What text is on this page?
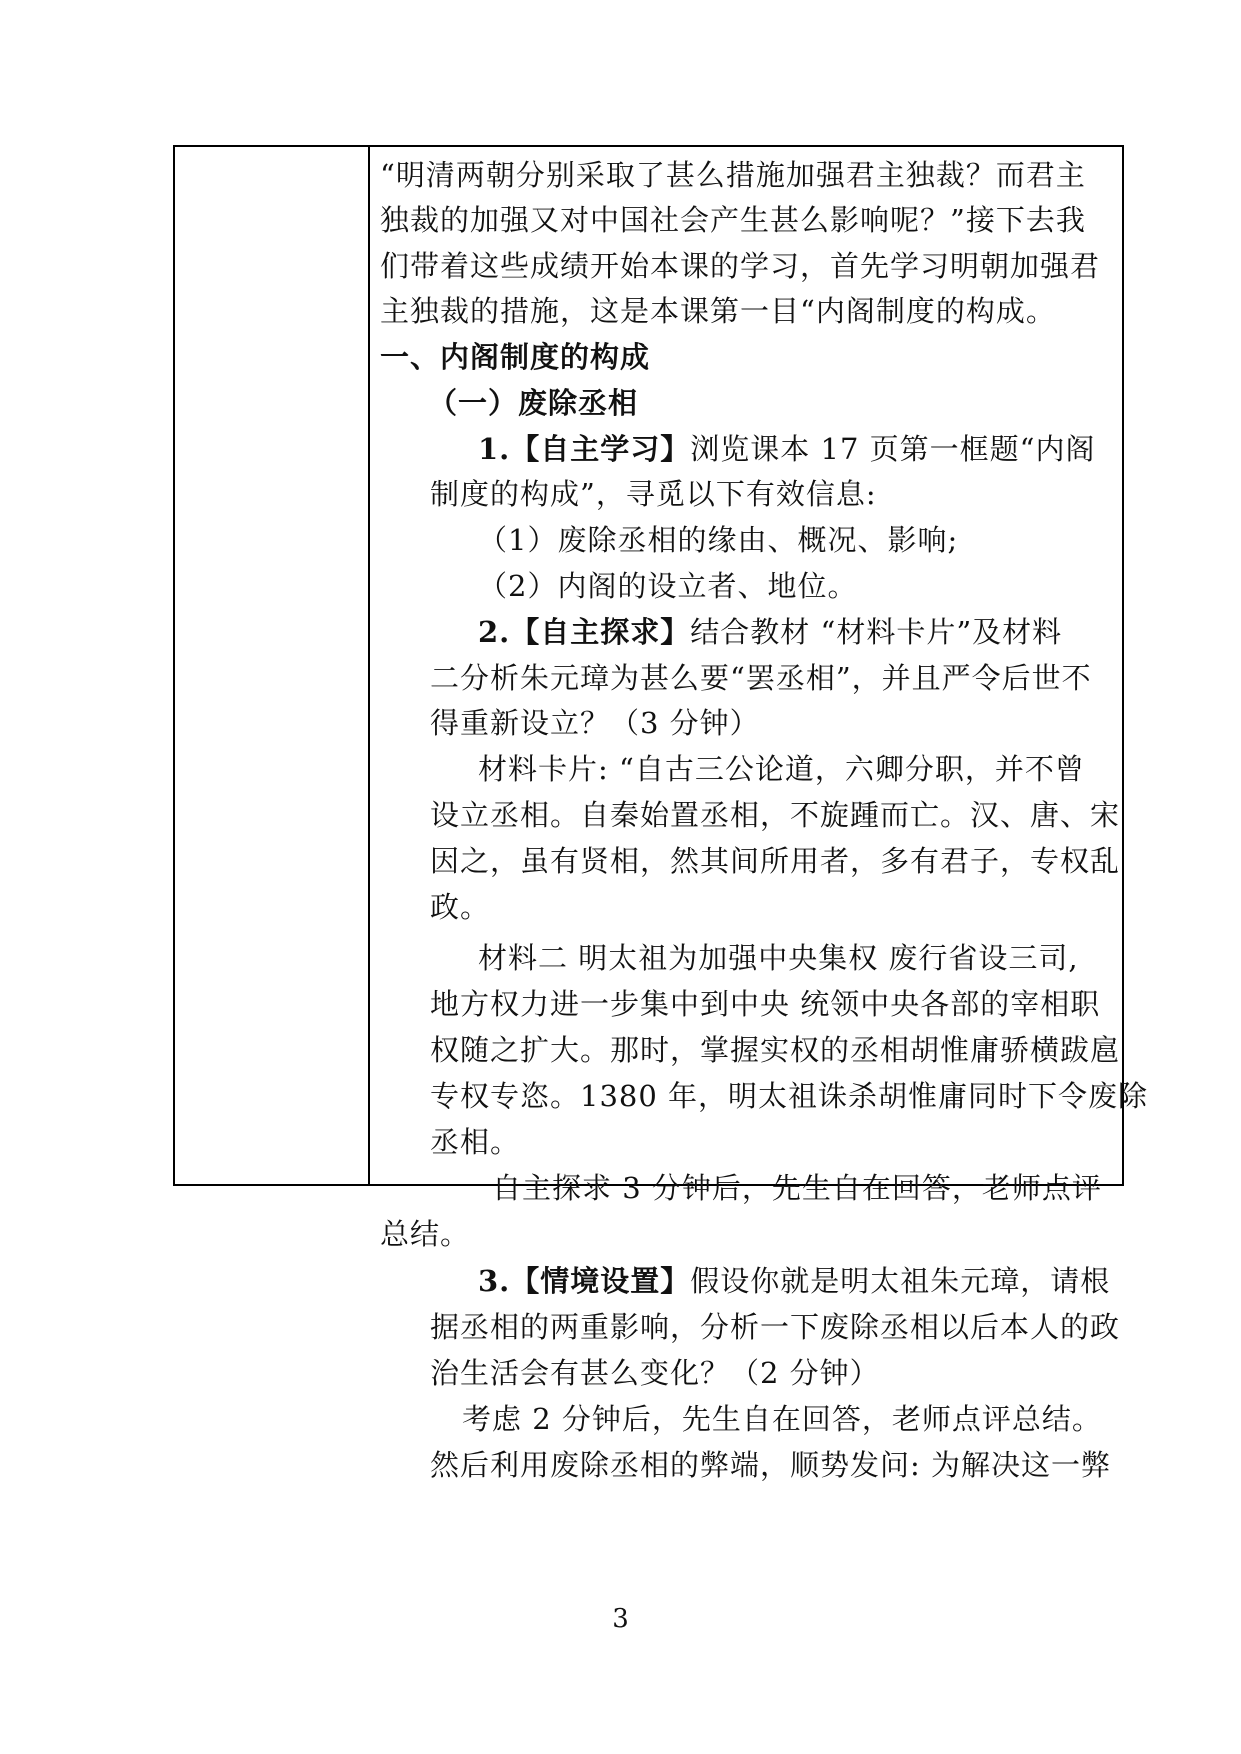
“明清两朝分别采取了甚么措施加强君主独裁？而君主
独裁的加强又对中国社会产生甚么影响呢？”接下去我
们带着这些成绩开始本课的学习，首先学习明朝加强君
主独裁的措施，这是本课第一目“内阁制度的构成。
一、内阁制度的构成
（一）废除丞相
1.【自主学习】浏览课本 17 页第一框题“内阁
制度的构成”，寻觅以下有效信息:
（1）废除丞相的缘由、概况、影响;
（2）内阁的设立者、地位。
2.【自主探求】结合教材 “材料卡片”及材料
二分析朱元璋为甚么要“罢丞相”，并且严令后世不
得重新设立？（3 分钟）
材料卡片: “自古三公论道，六卿分职，并不曾
设立丞相。自秦始置丞相，不旋踵而亡。汉、唐、宋
因之，虽有贤相，然其间所用者，多有君子，专权乱
政。
材料二 明太祖为加强中央集权 废行省设三司,
地方权力进一步集中到中央 统领中央各部的宰相职
权随之扩大。那时，掌握实权的丞相胡惟庸骄横跋扈
专权专恣。1380 年，明太祖诛杀胡惟庸同时下令废除
丞相。
自主探求 3 分钟后，先生自在回答，老师点评
总结。
3.【情境设置】假设你就是明太祖朱元璋，请根
据丞相的两重影响，分析一下废除丞相以后本人的政
治生活会有甚么变化？（2 分钟）
考虑 2 分钟后，先生自在回答，老师点评总结。
然后利用废除丞相的弊端，顺势发问: 为解决这一弊
3
